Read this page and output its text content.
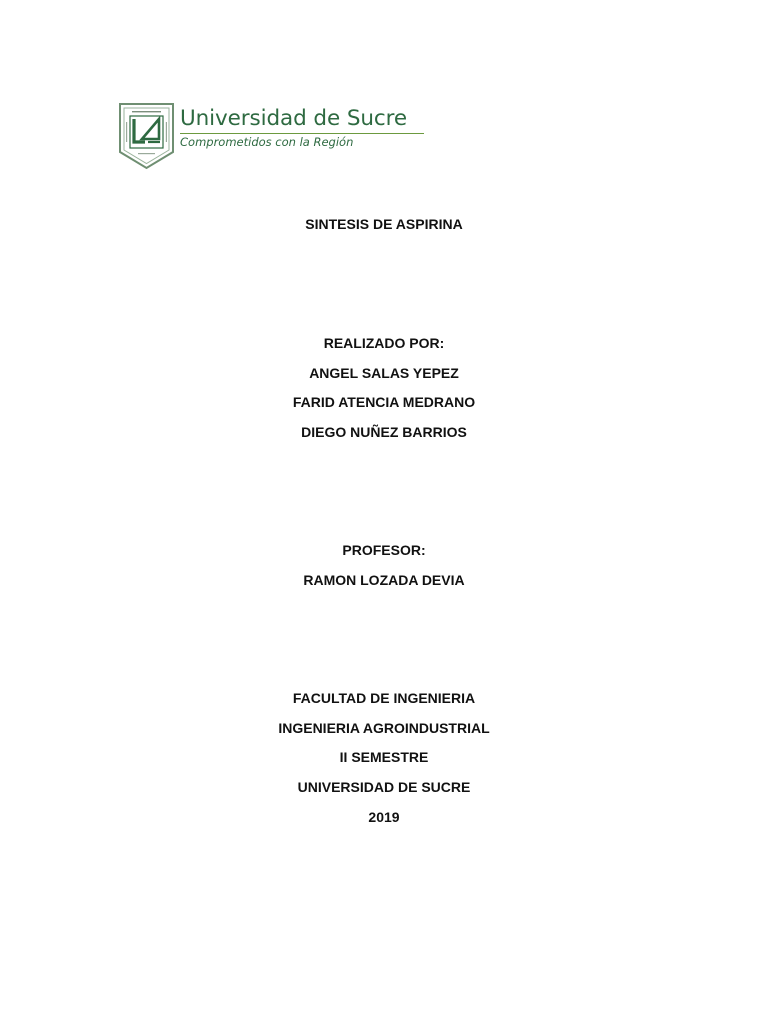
Universidad de Sucre
Comprometidos con la Región
SINTESIS DE ASPIRINA
REALIZADO POR:
ANGEL SALAS YEPEZ
FARID ATENCIA MEDRANO
DIEGO NUÑEZ BARRIOS
PROFESOR:
RAMON LOZADA DEVIA
FACULTAD DE INGENIERIA
INGENIERIA AGROINDUSTRIAL
II SEMESTRE
UNIVERSIDAD DE SUCRE
2019
